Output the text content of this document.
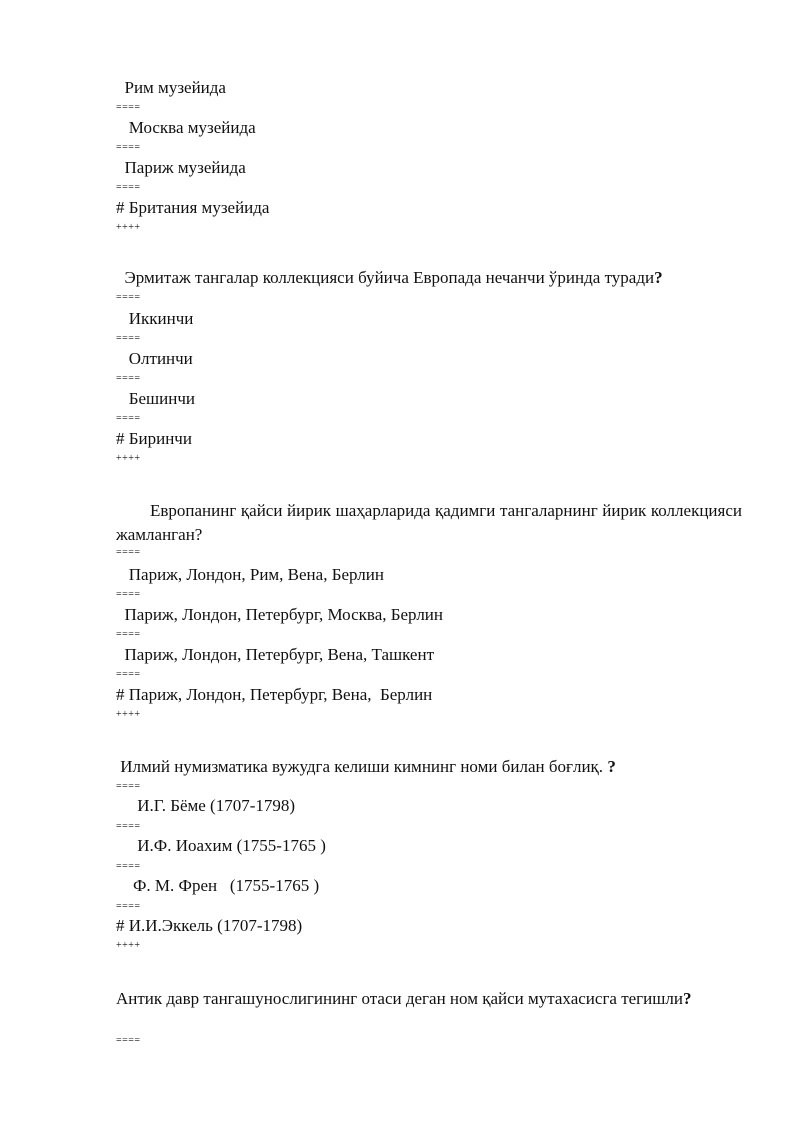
Рим музейида
====
Москва музейида
====
Париж музейида
====
# Британия музейида
++++
Эрмитаж тангалар коллекцияси буйича Европада нечанчи ўринда туради?
====
Иккинчи
====
Олтинчи
====
Бешинчи
====
# Биринчи
++++
Европанинг қайси йирик шаҳарларида қадимги тангаларнинг йирик коллекцияси жамланган?
====
Париж, Лондон, Рим, Вена, Берлин
====
Париж, Лондон, Петербург, Москва, Берлин
====
Париж, Лондон, Петербург, Вена, Ташкент
====
# Париж, Лондон, Петербург, Вена,  Берлин
++++
Илмий нумизматика вужудга келиши кимнинг номи билан боғлиқ. ?
====
И.Г. Бёме (1707-1798)
====
И.Ф. Иоахим (1755-1765 )
====
Ф. М. Френ   (1755-1765 )
====
# И.И.Эккель (1707-1798)
++++
Антик давр тангашунослигининг отаси деган ном қайси мутахасисга тегишли?
====
